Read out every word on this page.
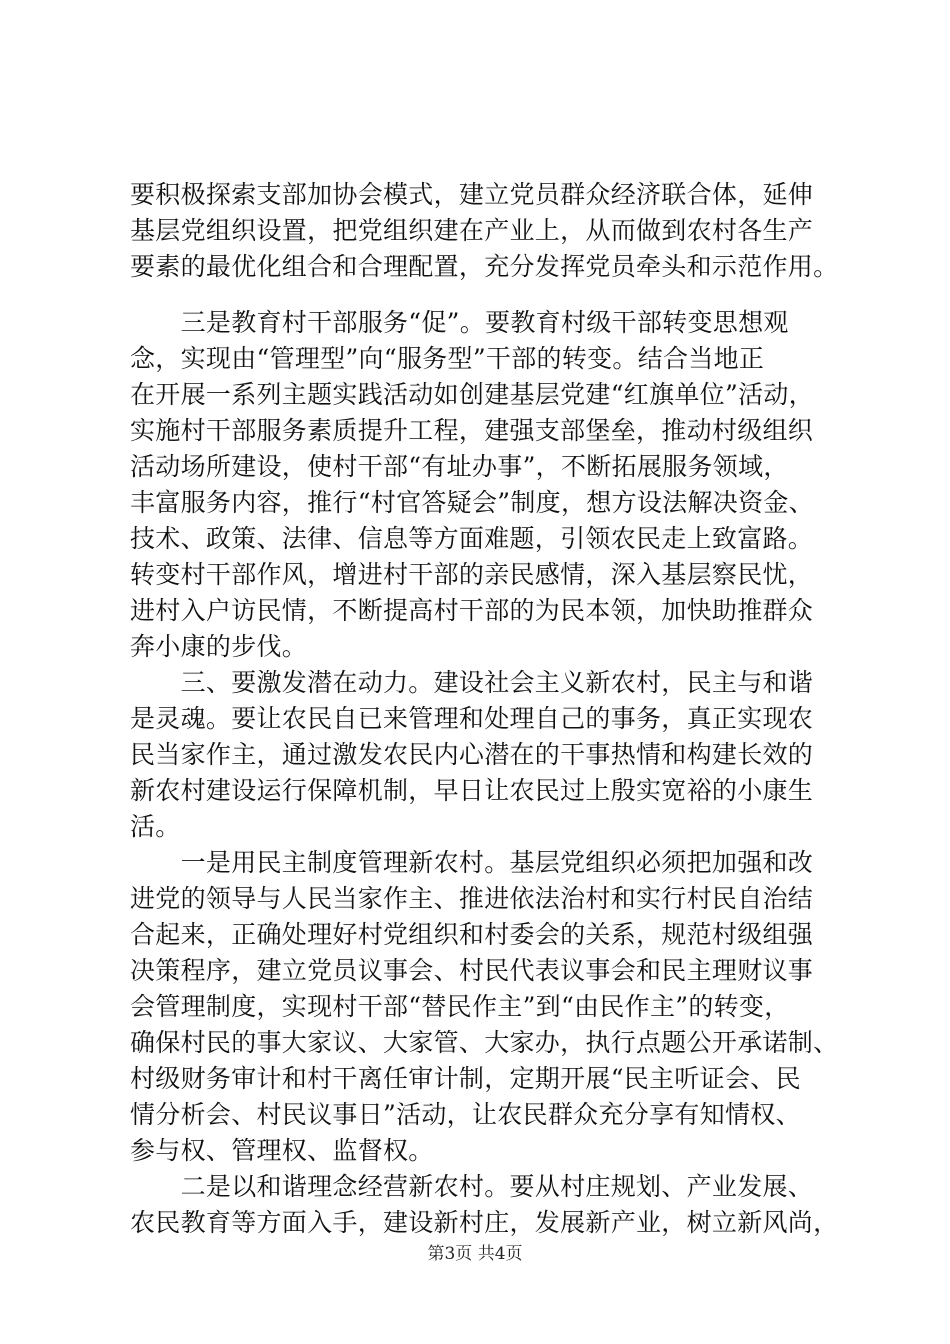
要积极探索支部加协会模式，建立党员群众经济联合体，延伸
基层党组织设置，把党组织建在产业上，从而做到农村各生产
要素的最优化组合和合理配置，充分发挥党员牵头和示范作用。
　　三是教育村干部服务“促”。要教育村级干部转变思想观
念，实现由“管理型”向“服务型”干部的转变。结合当地正
在开展一系列主题实践活动如创建基层党建“红旗单位”活动，
实施村干部服务素质提升工程，建强支部堡垒，推动村级组织
活动场所建设，使村干部“有址办事”，不断拓展服务领域，
丰富服务内容，推行“村官答疑会”制度，想方设法解决资金、
技术、政策、法律、信息等方面难题，引领农民走上致富路。
转变村干部作风，增进村干部的亲民感情，深入基层察民忧，
进村入户访民情，不断提高村干部的为民本领，加快助推群众
奔小康的步伐。
　　三、要激发潜在动力。建设社会主义新农村，民主与和谐
是灵魂。要让农民自已来管理和处理自己的事务，真正实现农
民当家作主，通过激发农民内心潜在的干事热情和构建长效的
新农村建设运行保障机制，早日让农民过上殷实宽裕的小康生
活。
　　一是用民主制度管理新农村。基层党组织必须把加强和改
进党的领导与人民当家作主、推进依法治村和实行村民自治结
合起来，正确处理好村党组织和村委会的关系，规范村级组强
决策程序，建立党员议事会、村民代表议事会和民主理财议事
会管理制度，实现村干部“替民作主”到“由民作主”的转变，
确保村民的事大家议、大家管、大家办，执行点题公开承诺制、
村级财务审计和村干离任审计制，定期开展“民主听证会、民
情分析会、村民议事日”活动，让农民群众充分享有知情权、
参与权、管理权、监督权。
　　二是以和谐理念经营新农村。要从村庄规划、产业发展、
农民教育等方面入手，建设新村庄，发展新产业，树立新风尚，
第3页 共4页
